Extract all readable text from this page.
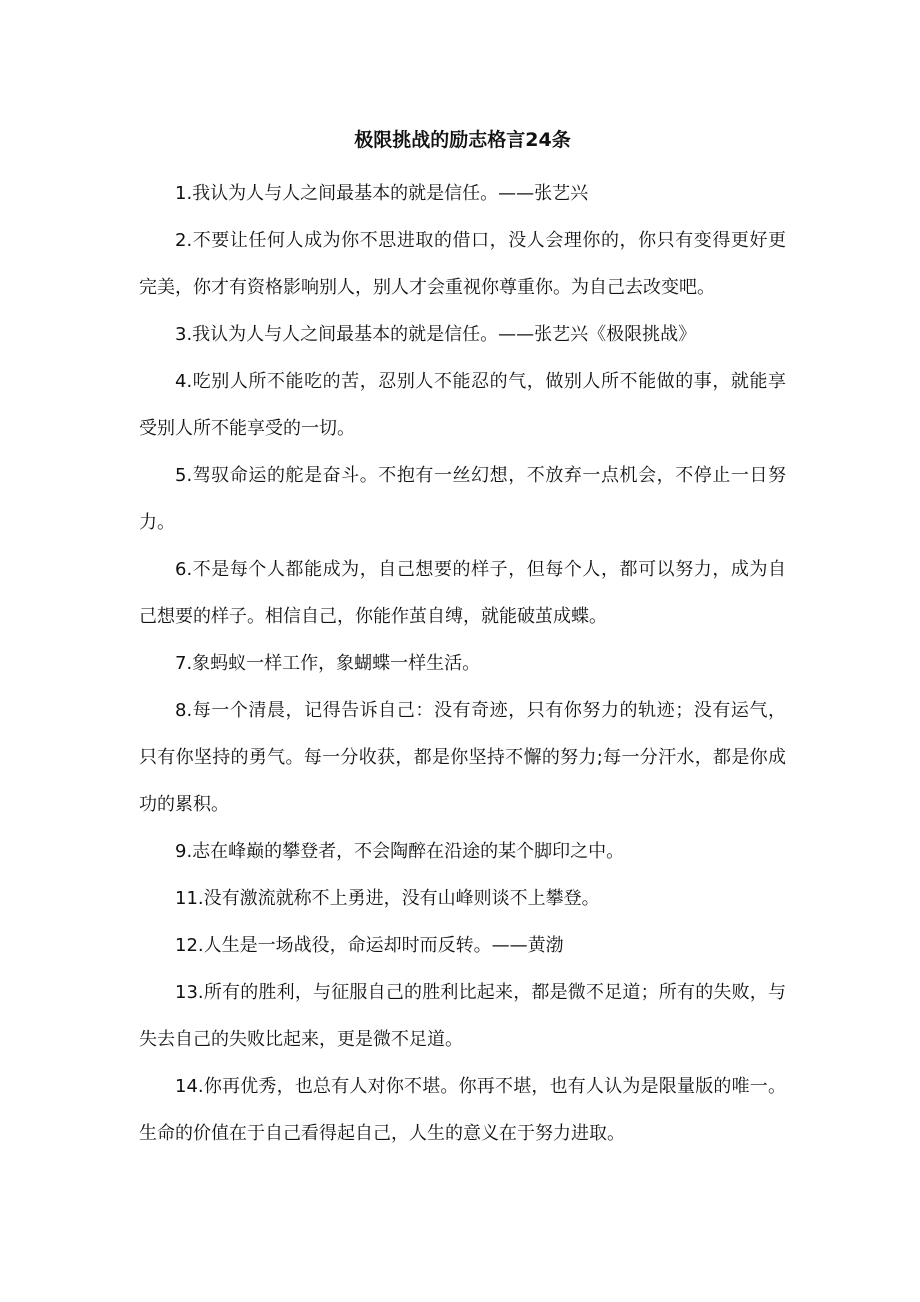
极限挑战的励志格言24条

1.我认为人与人之间最基本的就是信任。——张艺兴

2.不要让任何人成为你不思进取的借口，没人会理你的，你只有变得更好更完美，你才有资格影响别人，别人才会重视你尊重你。为自己去改变吧。

3.我认为人与人之间最基本的就是信任。——张艺兴《极限挑战》

4.吃别人所不能吃的苦，忍别人不能忍的气，做别人所不能做的事，就能享受别人所不能享受的一切。

5.驾驭命运的舵是奋斗。不抱有一丝幻想，不放弃一点机会，不停止一日努力。

6.不是每个人都能成为，自己想要的样子，但每个人，都可以努力，成为自己想要的样子。相信自己，你能作茧自缚，就能破茧成蝶。

7.象蚂蚁一样工作，象蝴蝶一样生活。

8.每一个清晨，记得告诉自己：没有奇迹，只有你努力的轨迹；没有运气，只有你坚持的勇气。每一分收获，都是你坚持不懈的努力;每一分汗水，都是你成功的累积。

9.志在峰巅的攀登者，不会陶醉在沿途的某个脚印之中。

11.没有激流就称不上勇进，没有山峰则谈不上攀登。

12.人生是一场战役，命运却时而反转。——黄渤

13.所有的胜利，与征服自己的胜利比起来，都是微不足道；所有的失败，与失去自己的失败比起来，更是微不足道。

14.你再优秀，也总有人对你不堪。你再不堪，也有人认为是限量版的唯一。生命的价值在于自己看得起自己，人生的意义在于努力进取。
